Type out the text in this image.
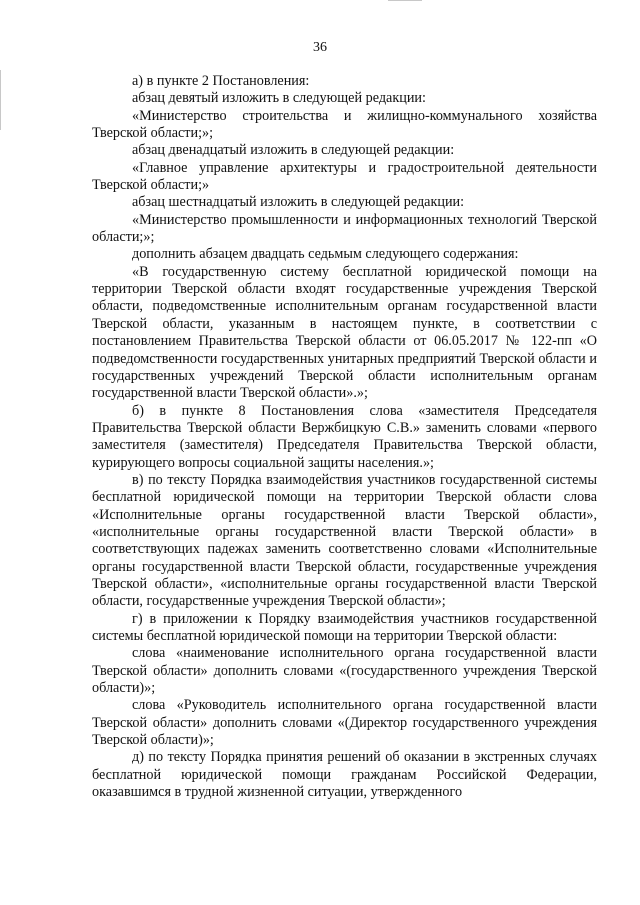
36

а) в пункте 2 Постановления:

абзац девятый изложить в следующей редакции:

«Министерство строительства и жилищно-коммунального хозяйства Тверской области;»;

абзац двенадцатый изложить в следующей редакции:

«Главное управление архитектуры и градостроительной деятельности Тверской области;»

абзац шестнадцатый изложить в следующей редакции:

«Министерство промышленности и информационных технологий Тверской области;»;

дополнить абзацем двадцать седьмым следующего содержания:

«В государственную систему бесплатной юридической помощи на территории Тверской области входят государственные учреждения Тверской области, подведомственные исполнительным органам государственной власти Тверской области, указанным в настоящем пункте, в соответствии с постановлением Правительства Тверской области от 06.05.2017 № 122-пп «О подведомственности государственных унитарных предприятий Тверской области и государственных учреждений Тверской области исполнительным органам государственной власти Тверской области».»;

б) в пункте 8 Постановления слова «заместителя Председателя Правительства Тверской области Вержбицкую С.В.» заменить словами «первого заместителя (заместителя) Председателя Правительства Тверской области, курирующего вопросы социальной защиты населения.»;

в) по тексту Порядка взаимодействия участников государственной системы бесплатной юридической помощи на территории Тверской области слова «Исполнительные органы государственной власти Тверской области», «исполнительные органы государственной власти Тверской области» в соответствующих падежах заменить соответственно словами «Исполнительные органы государственной власти Тверской области, государственные учреждения Тверской области», «исполнительные органы государственной власти Тверской области, государственные учреждения Тверской области»;

г) в приложении к Порядку взаимодействия участников государственной системы бесплатной юридической помощи на территории Тверской области:

слова «наименование исполнительного органа государственной власти Тверской области» дополнить словами «(государственного учреждения Тверской области)»;

слова «Руководитель исполнительного органа государственной власти Тверской области» дополнить словами «(Директор государственного учреждения Тверской области)»;

д) по тексту Порядка принятия решений об оказании в экстренных случаях бесплатной юридической помощи гражданам Российской Федерации, оказавшимся в трудной жизненной ситуации, утвержденного
